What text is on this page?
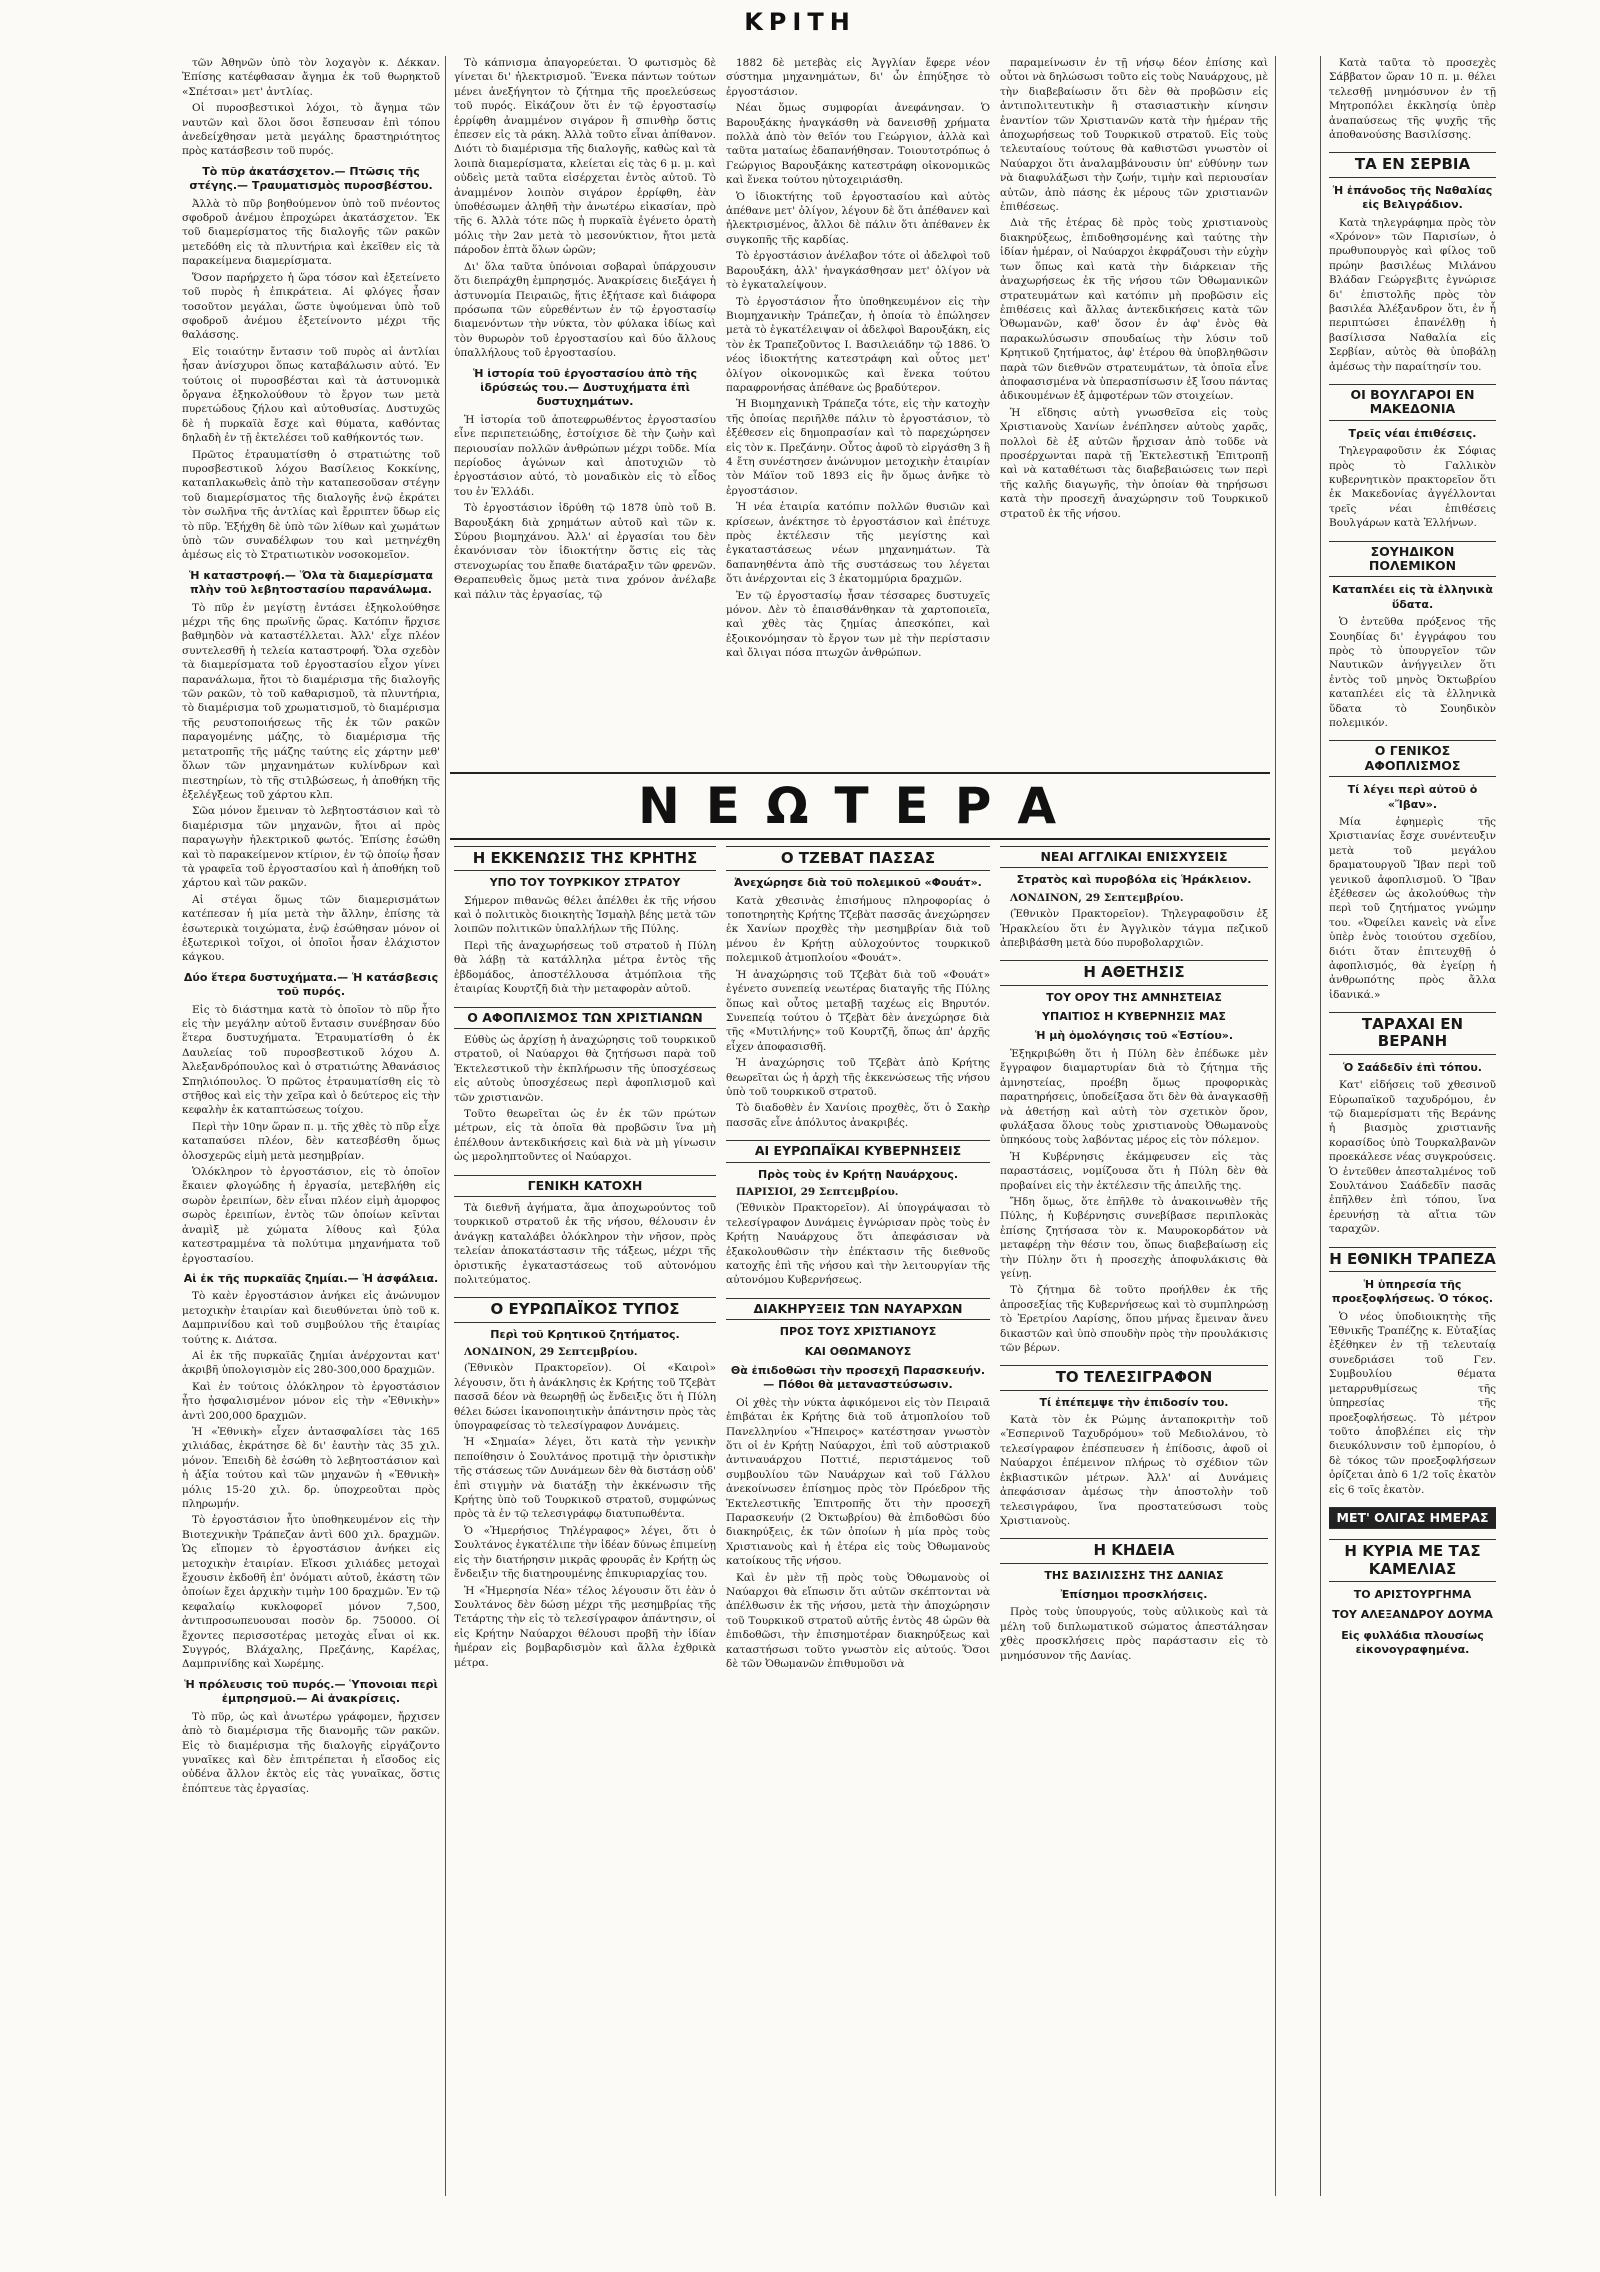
ΚΡΙΤΗ

τῶν Ἀθηνῶν ὑπὸ τὸν λοχαγὸν κ. Δέκκαν. Ἐπίσης κατέφθασαν ἄγημα ἐκ τοῦ θωρηκτοῦ «Σπέτσαι» μετ' ἀντλίας.

Οἱ πυροσβεστικοὶ λόχοι, τὸ ἄγημα τῶν ναυτῶν καὶ ὅλοι ὅσοι ἔσπευσαν ἐπὶ τόπου ἀνεδείχθησαν μετὰ μεγάλης δραστηριότητος πρὸς κατάσβεσιν τοῦ πυρός.

Τὸ πῦρ ἀκατάσχετον.— Πτῶσις τῆς στέγης.— Τραυματισμὸς πυροσβέστου.

Ἀλλὰ τὸ πῦρ βοηθούμενον ὑπὸ τοῦ πνέοντος σφοδροῦ ἀνέμου ἐπροχώρει ἀκατάσχετον. Ἐκ τοῦ διαμερίσματος τῆς διαλογῆς τῶν ρακῶν μετεδόθη εἰς τὰ πλυντήρια καὶ ἐκεῖθεν εἰς τὰ παρακείμενα διαμερίσματα.

Ὅσον παρήρχετο ἡ ὥρα τόσον καὶ ἐξετείνετο τοῦ πυρὸς ἡ ἐπικράτεια. Αἱ φλόγες ἦσαν τοσοῦτον μεγάλαι, ὥστε ὑψούμεναι ὑπὸ τοῦ σφοδροῦ ἀνέμου ἐξετείνοντο μέχρι τῆς θαλάσσης.

Εἰς τοιαύτην ἔντασιν τοῦ πυρὸς αἱ ἀντλίαι ἦσαν ἀνίσχυροι ὅπως καταβάλωσιν αὐτό. Ἐν τούτοις οἱ πυροσβέσται καὶ τὰ ἀστυνομικὰ ὄργανα ἐξηκολούθουν τὸ ἔργον των μετὰ πυρετώδους ζήλου καὶ αὐτοθυσίας. Δυστυχῶς δὲ ἡ πυρκαϊὰ ἔσχε καὶ θύματα, καθόντας δηλαδὴ ἐν τῇ ἐκτελέσει τοῦ καθήκοντός των.

Πρῶτος ἐτραυματίσθη ὁ στρατιώτης τοῦ πυροσβεστικοῦ λόχου Βασίλειος Κοκκίνης, καταπλακωθεὶς ἀπὸ τὴν καταπεσοῦσαν στέγην τοῦ διαμερίσματος τῆς διαλογῆς ἐνῷ ἐκράτει τὸν σωλῆνα τῆς ἀντλίας καὶ ἔρριπτεν ὕδωρ εἰς τὸ πῦρ. Ἐξήχθη δὲ ὑπὸ τῶν λίθων καὶ χωμάτων ὑπὸ τῶν συναδέλφων του καὶ μετηνέχθη ἀμέσως εἰς τὸ Στρατιωτικὸν νοσοκομεῖον.

Ἡ καταστροφή.— Ὅλα τὰ διαμερίσματα πλὴν τοῦ λεβητοστασίου παρανάλωμα.

Τὸ πῦρ ἐν μεγίστῃ ἐντάσει ἐξηκολούθησε μέχρι τῆς 6ης πρωϊνῆς ὥρας. Κατόπιν ἤρχισε βαθμηδὸν νὰ καταστέλλεται. Ἀλλ' εἶχε πλέον συντελεσθῆ ἡ τελεία καταστροφή. Ὅλα σχεδὸν τὰ διαμερίσματα τοῦ ἐργοστασίου εἶχον γίνει παρανάλωμα, ἤτοι τὸ διαμέρισμα τῆς διαλογῆς τῶν ρακῶν, τὸ τοῦ καθαρισμοῦ, τὰ πλυντήρια, τὸ διαμέρισμα τοῦ χρωματισμοῦ, τὸ διαμέρισμα τῆς ρευστοποιήσεως τῆς ἐκ τῶν ρακῶν παραγομένης μάζης, τὸ διαμέρισμα τῆς μετατροπῆς τῆς μάζης ταύτης εἰς χάρτην μεθ' ὅλων τῶν μηχανημάτων κυλίνδρων καὶ πιεστηρίων, τὸ τῆς στιλβώσεως, ἡ ἀποθήκη τῆς ἐξελέγξεως τοῦ χάρτου κλπ.

Σῶα μόνον ἔμειναν τὸ λεβητοστάσιον καὶ τὸ διαμέρισμα τῶν μηχανῶν, ἤτοι αἱ πρὸς παραγωγὴν ἠλεκτρικοῦ φωτός. Ἐπίσης ἐσώθη καὶ τὸ παρακείμενον κτίριον, ἐν τῷ ὁποίῳ ἦσαν τὰ γραφεῖα τοῦ ἐργοστασίου καὶ ἡ ἀποθήκη τοῦ χάρτου καὶ τῶν ρακῶν.

Αἱ στέγαι ὅμως τῶν διαμερισμάτων κατέπεσαν ἡ μία μετὰ τὴν ἄλλην, ἐπίσης τὰ ἐσωτερικὰ τοιχώματα, ἐνῷ ἐσώθησαν μόνον οἱ ἐξωτερικοὶ τοῖχοι, οἱ ὁποῖοι ἦσαν ἐλάχιστον κάγκου.

Δύο ἕτερα δυστυχήματα.— Ἡ κατάσβεσις τοῦ πυρός.

Εἰς τὸ διάστημα κατὰ τὸ ὁποῖον τὸ πῦρ ἦτο εἰς τὴν μεγάλην αὐτοῦ ἔντασιν συνέβησαν δύο ἕτερα δυστυχήματα. Ἐτραυματίσθη ὁ ἐκ Δαυλείας τοῦ πυροσβεστικοῦ λόχου Δ. Ἀλεξανδρόπουλος καὶ ὁ στρατιώτης Ἀθανάσιος Σπηλιόπουλος. Ὁ πρῶτος ἐτραυματίσθη εἰς τὸ στῆθος καὶ εἰς τὴν χεῖρα καὶ ὁ δεύτερος εἰς τὴν κεφαλὴν ἐκ καταπτώσεως τοίχου.

Περὶ τὴν 10ην ὥραν π. μ. τῆς χθὲς τὸ πῦρ εἶχε καταπαύσει πλέον, δὲν κατεσβέσθη ὅμως ὁλοσχερῶς εἰμὴ μετὰ μεσημβρίαν.

Ὁλόκληρον τὸ ἐργοστάσιον, εἰς τὸ ὁποῖον ἔκαιεν φλογώδης ἡ ἐργασία, μετεβλήθη εἰς σωρὸν ἐρειπίων, δὲν εἶναι πλέον εἰμὴ ἀμορφος σωρὸς ἐρειπίων, ἐντὸς τῶν ὁποίων κεῖνται ἀναμὶξ μὲ χώματα λίθους καὶ ξύλα κατεστραμμένα τὰ πολύτιμα μηχανήματα τοῦ ἐργοστασίου.

Αἱ ἐκ τῆς πυρκαϊᾶς ζημίαι.— Ἡ ἀσφάλεια.

Τὸ καὲν ἐργοστάσιον ἀνήκει εἰς ἀνώνυμον μετοχικὴν ἑταιρίαν καὶ διευθύνεται ὑπὸ τοῦ κ. Δαμπρινίδου καὶ τοῦ συμβούλου τῆς ἑταιρίας τούτης κ. Διάτσα.

Αἱ ἐκ τῆς πυρκαϊᾶς ζημίαι ἀνέρχονται κατ' ἀκριβῆ ὑπολογισμὸν εἰς 280-300,000 δραχμῶν.

Καὶ ἐν τούτοις ὁλόκληρον τὸ ἐργοστάσιον ἦτο ἠσφαλισμένον μόνον εἰς τὴν «Ἐθνικὴν» ἀντὶ 200,000 δραχμῶν.

Ἡ «Ἐθνικὴ» εἶχεν ἀντασφαλίσει τὰς 165 χιλιάδας, ἑκράτησε δὲ δι' ἑαυτὴν τὰς 35 χιλ. μόνον. Ἐπειδὴ δὲ ἐσώθη τὸ λεβητοστάσιον καὶ ἡ ἀξία τούτου καὶ τῶν μηχανῶν ἡ «Ἐθνικὴ» μόλις 15-20 χιλ. δρ. ὑποχρεοῦται πρὸς πληρωμήν.

Τὸ ἐργοστάσιον ἦτο ὑποθηκευμένον εἰς τὴν Βιοτεχνικὴν Τράπεζαν ἀντὶ 600 χιλ. δραχμῶν. Ὡς εἴπομεν τὸ ἐργοστάσιον ἀνήκει εἰς μετοχικὴν ἑταιρίαν. Εἴκοσι χιλιάδες μετοχαὶ ἔχουσιν ἐκδοθῆ ἐπ' ὀνόματι αὐτοῦ, ἑκάστη τῶν ὁποίων ἔχει ἀρχικὴν τιμὴν 100 δραχμῶν. Ἐν τῷ κεφαλαίῳ κυκλοφορεῖ μόνον 7,500, ἀντιπροσωπευουσαι ποσὸν δρ. 750000. Οἱ ἔχοντες περισσοτέρας μετοχὰς εἶναι οἱ κκ. Συγγρός, Βλάχαλης, Πρεζάνης, Καρέλας, Δαμπρινίδης καὶ Χωρέμης.

Ἡ πρόλευσις τοῦ πυρός.— Ὑπονοιαι περὶ ἐμπρησμοῦ.— Αἱ ἀνακρίσεις.

Τὸ πῦρ, ὡς καὶ ἀνωτέρω γράφομεν, ἤρχισεν ἀπὸ τὸ διαμέρισμα τῆς διανομῆς τῶν ρακῶν. Εἰς τὸ διαμέρισμα τῆς διαλογῆς εἰργάζοντο γυναῖκες καὶ δὲν ἐπιτρέπεται ἡ εἴσοδος εἰς οὐδένα ἄλλον ἐκτὸς εἰς τὰς γυναῖκας, ὅστις ἐπόπτευε τὰς ἐργασίας.

Τὸ κάπνισμα ἀπαγορεύεται. Ὁ φωτισμὸς δὲ γίνεται δι' ἠλεκτρισμοῦ. Ἕνεκα πάντων τούτων μένει ἀνεξήγητον τὸ ζήτημα τῆς προελεύσεως τοῦ πυρός. Εἰκάζουν ὅτι ἐν τῷ ἐργοστασίῳ ἐρρίφθη ἀναμμένον σιγάρον ἢ σπινθὴρ ὅστις ἐπεσεν εἰς τὰ ράκη. Ἀλλὰ τοῦτο εἶναι ἀπίθανον. Διότι τὸ διαμέρισμα τῆς διαλογῆς, καθὼς καὶ τὰ λοιπὰ διαμερίσματα, κλείεται εἰς τὰς 6 μ. μ. καὶ οὐδεὶς μετὰ ταῦτα εἰσέρχεται ἐντὸς αὐτοῦ. Τὸ ἀναμμένον λοιπὸν σιγάρον ἐρρίφθη, ἐὰν ὑποθέσωμεν ἀληθῆ τὴν ἀνωτέρω εἰκασίαν, πρὸ τῆς 6. Ἀλλὰ τότε πῶς ἡ πυρκαϊὰ ἐγένετο ὁρατὴ μόλις τὴν 2αν μετὰ τὸ μεσονύκτιον, ἤτοι μετὰ πάροδον ἑπτὰ ὅλων ὡρῶν;

Δι' ὅλα ταῦτα ὑπόνοιαι σοβαραὶ ὑπάρχουσιν ὅτι διεπράχθη ἐμπρησμός. Ἀνακρίσεις διεξάγει ἡ ἀστυνομία Πειραιῶς, ἥτις ἐξήτασε καὶ διάφορα πρόσωπα τῶν εὑρεθέντων ἐν τῷ ἐργοστασίῳ διαμενόντων τὴν νύκτα, τὸν φύλακα ἰδίως καὶ τὸν θυρωρὸν τοῦ ἐργοστασίου καὶ δύο ἄλλους ὑπαλλήλους τοῦ ἐργοστασίου.

Ἡ ἱστορία τοῦ ἐργοστασίου ἀπὸ τῆς ἱδρύσεώς του.— Δυστυχήματα ἐπὶ δυστυχημάτων.

Ἡ ἱστορία τοῦ ἀποτεφρωθέντος ἐργοστασίου εἶνε περιπετειώδης, ἐστοίχισε δὲ τὴν ζωὴν καὶ περιουσίαν πολλῶν ἀνθρώπων μέχρι τοῦδε. Μία περίοδος ἀγώνων καὶ ἀποτυχιῶν τὸ ἐργοστάσιον αὐτό, τὸ μοναδικὸν εἰς τὸ εἶδος του ἐν Ἑλλάδι.

Τὸ ἐργοστάσιον ἱδρύθη τῷ 1878 ὑπὸ τοῦ Β. Βαρουξάκη διὰ χρημάτων αὐτοῦ καὶ τῶν κ. Σύρου βιομηχάνου. Ἀλλ' αἱ ἐργασίαι του δὲν ἐκανόνισαν τὸν ἱδιοκτήτην ὅστις εἰς τὰς στενοχωρίας του ἔπαθε διατάραξιν τῶν φρενῶν. Θεραπευθεὶς ὅμως μετὰ τινα χρόνον ἀνέλαβε καὶ πάλιν τὰς ἐργασίας, τῷ

1882 δὲ μετεβὰς εἰς Ἀγγλίαν ἔφερε νέον σύστημα μηχανημάτων, δι' ὧν ἐπηύξησε τὸ ἐργοστάσιον.

Νέαι ὅμως συμφορίαι ἀνεφάνησαν. Ὁ Βαρουξάκης ἠναγκάσθη νὰ δανεισθῇ χρήματα πολλὰ ἀπὸ τὸν θεῖόν του Γεώργιον, ἀλλὰ καὶ ταῦτα ματαίως ἐδαπανήθησαν. Τοιουτοτρόπως ὁ Γεώργιος Βαρουξάκης κατεστράφη οἰκονομικῶς καὶ ἕνεκα τούτου ηὐτοχειριάσθη.

Ὁ ἰδιοκτήτης τοῦ ἐργοστασίου καὶ αὐτὸς ἀπέθανε μετ' ὀλίγον, λέγουν δὲ ὅτι ἀπέθανεν καὶ ἠλεκτρισμένος, ἄλλοι δὲ πάλιν ὅτι ἀπέθανεν ἐκ συγκοπῆς τῆς καρδίας.

Τὸ ἐργοστάσιον ἀνέλαβον τότε οἱ ἀδελφοὶ τοῦ Βαρουξάκη, ἀλλ' ἠναγκάσθησαν μετ' ὀλίγον νὰ τὸ ἐγκαταλείψουν.

Τὸ ἐργοστάσιον ἦτο ὑποθηκευμένον εἰς τὴν Βιομηχανικὴν Τράπεζαν, ἡ ὁποία τὸ ἐπώλησεν μετὰ τὸ ἐγκατέλειψαν οἱ ἀδελφοὶ Βαρουξάκη, εἰς τὸν ἐκ Τραπεζοῦντος Ι. Βασιλειάδην τῷ 1886. Ὁ νέος ἰδιοκτήτης κατεστράφη καὶ οὗτος μετ' ὀλίγον οἰκονομικῶς καὶ ἕνεκα τούτου παραφρονήσας ἀπέθανε ὡς βραδύτερον.

Ἡ Βιομηχανικὴ Τράπεζα τότε, εἰς τὴν κατοχὴν τῆς ὁποίας περιῆλθε πάλιν τὸ ἐργοστάσιον, τὸ ἐξέθεσεν εἰς δημοπρασίαν καὶ τὸ παρεχώρησεν εἰς τὸν κ. Πρεζάνην. Οὗτος ἀφοῦ τὸ εἰργάσθη 3 ἢ 4 ἔτη συνέστησεν ἀνώνυμον μετοχικὴν ἑταιρίαν τὸν Μάϊον τοῦ 1893 εἰς ἣν ὅμως ἀνῆκε τὸ ἐργοστάσιον.

Ἡ νέα ἑταιρία κατόπιν πολλῶν θυσιῶν καὶ κρίσεων, ἀνέκτησε τὸ ἐργοστάσιον καὶ ἐπέτυχε πρὸς ἐκτέλεσιν τῆς μεγίστης καὶ ἐγκαταστάσεως νέων μηχανημάτων. Τὰ δαπανηθέντα ἀπὸ τῆς συστάσεως του λέγεται ὅτι ἀνέρχονται εἰς 3 ἑκατομμύρια δραχμῶν.

Ἐν τῷ ἐργοστασίῳ ἦσαν τέσσαρες δυστυχεῖς μόνον. Δὲν τὸ ἐπαισθάνθηκαν τὰ χαρτοποιεῖα, καὶ χθὲς τὰς ζημίας ἀπεσκόπει, καὶ ἐξοικονόμησαν τὸ ἔργον των μὲ τὴν περίστασιν καὶ ὄλιγαι πόσα πτωχῶν ἀνθρώπων.

παραμείνωσιν ἐν τῇ νήσῳ δέον ἐπίσης καὶ οὗτοι νὰ δηλώσωσι τοῦτο εἰς τοὺς Ναυάρχους, μὲ τὴν διαβεβαίωσιν ὅτι δὲν θὰ προβῶσιν εἰς ἀντιπολιτευτικὴν ἢ στασιαστικὴν κίνησιν ἐναντίον τῶν Χριστιανῶν κατὰ τὴν ἡμέραν τῆς ἀποχωρήσεως τοῦ Τουρκικοῦ στρατοῦ. Εἰς τοὺς τελευταίους τούτους θὰ καθιστῶσι γνωστὸν οἱ Ναύαρχοι ὅτι ἀναλαμβάνουσιν ὑπ' εὐθύνην των νὰ διαφυλάξωσι τὴν ζωήν, τιμὴν καὶ περιουσίαν αὐτῶν, ἀπὸ πάσης ἐκ μέρους τῶν χριστιανῶν ἐπιθέσεως.

Διὰ τῆς ἑτέρας δὲ πρὸς τοὺς χριστιανοὺς διακηρύξεως, ἐπιδοθησομένης καὶ ταύτης τὴν ἰδίαν ἡμέραν, οἱ Ναύαρχοι ἐκφράζουσι τὴν εὐχὴν των ὅπως καὶ κατὰ τὴν διάρκειαν τῆς ἀναχωρήσεως ἐκ τῆς νήσου τῶν Ὀθωμανικῶν στρατευμάτων καὶ κατόπιν μὴ προβῶσιν εἰς ἐπιθέσεις καὶ ἄλλας ἀντεκδικήσεις κατὰ τῶν Ὀθωμανῶν, καθ' ὅσον ἐν ἀφ' ἑνὸς θὰ παρακωλύσωσιν σπουδαίως τὴν λύσιν τοῦ Κρητικοῦ ζητήματος, ἀφ' ἑτέρου θὰ ὑποβληθῶσιν παρὰ τῶν διεθνῶν στρατευμάτων, τὰ ὁποῖα εἶνε ἀποφασισμένα νὰ ὑπερασπίσωσιν ἐξ ἴσου πάντας ἀδικουμένων ἐξ ἀμφοτέρων τῶν στοιχείων.

Ἡ εἴδησις αὐτὴ γνωσθεῖσα εἰς τοὺς Χριστιανοὺς Χανίων ἐνέπλησεν αὐτοὺς χαρᾶς, πολλοὶ δὲ ἐξ αὐτῶν ἤρχισαν ἀπὸ τοῦδε νὰ προσέρχωνται παρὰ τῇ Ἐκτελεστικῇ Ἐπιτροπῇ καὶ νὰ καταθέτωσι τὰς διαβεβαιώσεις των περὶ τῆς καλῆς διαγωγῆς, τὴν ὁποίαν θὰ τηρήσωσι κατὰ τὴν προσεχῆ ἀναχώρησιν τοῦ Τουρκικοῦ στρατοῦ ἐκ τῆς νήσου.

Κατὰ ταῦτα τὸ προσεχὲς Σάββατον ὥραν 10 π. μ. θέλει τελεσθῇ μνημόσυνον ἐν τῇ Μητροπόλει ἐκκλησίᾳ ὑπὲρ ἀναπαύσεως τῆς ψυχῆς τῆς ἀποθανούσης Βασιλίσσης.

ΤΑ ΕΝ ΣΕΡΒΙΑ

Ἡ ἐπάνοδος τῆς Ναθαλίας εἰς Βελιγράδιον.

Κατὰ τηλεγράφημα πρὸς τὸν «Χρόνον» τῶν Παρισίων, ὁ πρωθυπουργὸς καὶ φίλος τοῦ πρώην βασιλέως Μιλάνου Βλάδαν Γεώργεβιτς ἐγνώρισε δι' ἐπιστολῆς πρὸς τὸν βασιλέα Ἀλέξανδρον ὅτι, ἐν ἧ περιπτώσει ἐπανέλθῃ ἡ βασίλισσα Ναθαλία εἰς Σερβίαν, αὐτὸς θὰ ὑποβάλῃ ἀμέσως τὴν παραίτησίν του.

ΟΙ ΒΟΥΛΓΑΡΟΙ ΕΝ ΜΑΚΕΔΟΝΙΑ

Τρεῖς νέαι ἐπιθέσεις.

Τηλεγραφοῦσιν ἐκ Σόφιας πρὸς τὸ Γαλλικὸν κυβερνητικὸν πρακτορεῖον ὅτι ἐκ Μακεδονίας ἀγγέλλονται τρεῖς νέαι ἐπιθέσεις Βουλγάρων κατὰ Ἑλλήνων.

ΣΟΥΗΔΙΚΟΝ ΠΟΛΕΜΙΚΟΝ

Καταπλέει εἰς τὰ ἑλληνικὰ ὕδατα.

Ὁ ἐντεῦθα πρόξενος τῆς Σουηδίας δι' ἐγγράφου του πρὸς τὸ ὑπουργεῖον τῶν Ναυτικῶν ἀνήγγειλεν ὅτι ἐντὸς τοῦ μηνὸς Ὀκτωβρίου καταπλέει εἰς τὰ ἑλληνικὰ ὕδατα τὸ Σουηδικὸν πολεμικόν.

Ο ΓΕΝΙΚΟΣ ΑΦΟΠΛΙΣΜΟΣ

Τί λέγει περὶ αὐτοῦ ὁ «Ἴβαν».

Μία ἐφημερὶς τῆς Χριστιανίας ἔσχε συνέντευξιν μετὰ τοῦ μεγάλου δραματουργοῦ Ἴβαν περὶ τοῦ γενικοῦ ἀφοπλισμοῦ. Ὁ Ἴβαν ἐξέθεσεν ὡς ἀκολούθως τὴν περὶ τοῦ ζητήματος γνώμην του. «Ὀφείλει κανεὶς νὰ εἶνε ὑπὲρ ἑνὸς τοιούτου σχεδίου, διότι ὅταν ἐπιτευχθῇ ὁ ἀφοπλισμός, θὰ ἐγείρῃ ἡ ἀνθρωπότης πρὸς ἄλλα ἰδανικά.»

ΤΑΡΑΧΑΙ ΕΝ ΒΕΡΑΝΗ

Ὁ Σαάδεδῖν ἐπὶ τόπου.

Κατ' εἰδήσεις τοῦ χθεσινοῦ Εὐρωπαϊκοῦ ταχυδρόμου, ἐν τῷ διαμερίσματι τῆς Βεράνης ἡ βιασμὸς χριστιανῆς κορασίδος ὑπὸ Τουρκαλβανῶν προεκάλεσε νέας συγκρούσεις. Ὁ ἐντεῦθεν ἀπεσταλμένος τοῦ Σουλτάνου Σαάδεδῖν πασᾶς ἐπῆλθεν ἐπὶ τόπου, ἵνα ἐρευνήσῃ τὰ αἴτια τῶν ταραχῶν.

Η ΕΘΝΙΚΗ ΤΡΑΠΕΖΑ

Ἡ ὑπηρεσία τῆς προεξοφλήσεως. Ὁ τόκος.

Ὁ νέος ὑποδιοικητὴς τῆς Ἐθνικῆς Τραπέζης κ. Εὐταξίας ἐξέθηκεν ἐν τῇ τελευταίᾳ συνεδριάσει τοῦ Γεν. Συμβουλίου θέματα μεταρρυθμίσεως τῆς ὑπηρεσίας τῆς προεξοφλήσεως. Τὸ μέτρον τοῦτο ἀποβλέπει εἰς τὴν διευκόλυνσιν τοῦ ἐμπορίου, ὁ δὲ τόκος τῶν προεξοφλήσεων ὁρίζεται ἀπὸ 6 1/2 τοῖς ἑκατὸν εἰς 6 τοῖς ἑκατὸν.

ΜΕΤ' ΟΛΙΓΑΣ ΗΜΕΡΑΣ
Η ΚΥΡΙΑ ΜΕ ΤΑΣ ΚΑΜΕΛΙΑΣ

ΤΟ ΑΡΙΣΤΟΥΡΓΗΜΑ

ΤΟΥ ΑΛΕΞΑΝΔΡΟΥ ΔΟΥΜΑ

Εἰς φυλλάδια πλουσίως εἰκονογραφημένα.

ΝΕΩΤΕΡΑ
Η ΕΚΚΕΝΩΣΙΣ ΤΗΣ ΚΡΗΤΗΣ

ΥΠΟ ΤΟΥ ΤΟΥΡΚΙΚΟΥ ΣΤΡΑΤΟΥ

Σήμερον πιθανῶς θέλει ἀπέλθει ἐκ τῆς νήσου καὶ ὁ πολιτικὸς διοικητὴς Ἰσμαὴλ βέης μετὰ τῶν λοιπῶν πολιτικῶν ὑπαλλήλων τῆς Πύλης.

Περὶ τῆς ἀναχωρήσεως τοῦ στρατοῦ ἡ Πύλη θὰ λάβῃ τὰ κατάλληλα μέτρα ἐντὸς τῆς ἑβδομάδος, ἀποστέλλουσα ἀτμόπλοια τῆς ἑταιρίας Κουρτζῆ διὰ τὴν μεταφορὰν αὐτοῦ.

Ο ΑΦΟΠΛΙΣΜΟΣ ΤΩΝ ΧΡΙΣΤΙΑΝΩΝ

Εὐθὺς ὡς ἀρχίσῃ ἡ ἀναχώρησις τοῦ τουρκικοῦ στρατοῦ, οἱ Ναύαρχοι θὰ ζητήσωσι παρὰ τοῦ Ἐκτελεστικοῦ τὴν ἐκπλήρωσιν τῆς ὑποσχέσεως εἰς αὐτοὺς ὑποσχέσεως περὶ ἀφοπλισμοῦ καὶ τῶν χριστιανῶν.

Τοῦτο θεωρεῖται ὡς ἐν ἐκ τῶν πρώτων μέτρων, εἰς τὰ ὁποῖα θὰ προβῶσιν ἵνα μὴ ἐπέλθουν ἀντεκδικήσεις καὶ διὰ νὰ μὴ γίνωσιν ὡς μεροληπτοῦντες οἱ Ναύαρχοι.

ΓΕΝΙΚΗ ΚΑΤΟΧΗ

Τὰ διεθνῆ ἀγήματα, ἅμα ἀποχωρούντος τοῦ τουρκικοῦ στρατοῦ ἐκ τῆς νήσου, θέλουσιν ἐν ἀνάγκῃ καταλάβει ὁλόκληρον τὴν νῆσον, πρὸς τελείαν ἀποκατάστασιν τῆς τάξεως, μέχρι τῆς ὁριστικῆς ἐγκαταστάσεως τοῦ αὐτονόμου πολιτεύματος.

Ο ΕΥΡΩΠΑΪΚΟΣ ΤΥΠΟΣ

Περὶ τοῦ Κρητικοῦ ζητήματος.

ΛΟΝΔΙΝΟΝ, 29 Σεπτεμβρίου.

(Ἐθνικὸν Πρακτορεῖον). Οἱ «Καιροὶ» λέγουσιν, ὅτι ἡ ἀνάκλησις ἐκ Κρήτης τοῦ Τζεβὰτ πασσᾶ δέον νὰ θεωρηθῇ ὡς ἔνδειξις ὅτι ἡ Πύλη θέλει δώσει ἱκανοποιητικὴν ἀπάντησιν πρὸς τὰς ὑπογραφείσας τὸ τελεσίγραφον Δυνάμεις.

Ἡ «Σημαία» λέγει, ὅτι κατὰ τὴν γενικὴν πεποίθησιν ὁ Σουλτάνος προτιμᾷ τὴν ὁριστικὴν τῆς στάσεως τῶν Δυνάμεων δὲν θὰ διστάσῃ οὐδ' ἐπὶ στιγμὴν νὰ διατάξῃ τὴν ἐκκένωσιν τῆς Κρήτης ὑπὸ τοῦ Τουρκικοῦ στρατοῦ, συμφώνως πρὸς τὰ ἐν τῷ τελεσιγράφῳ διατυπωθέντα.

Ὁ «Ἡμερήσιος Τηλέγραφος» λέγει, ὅτι ὁ Σουλτάνος ἐγκατέλιπε τὴν ἰδέαν δύνως ἐπιμείνῃ εἰς τὴν διατήρησιν μικρᾶς φρουρᾶς ἐν Κρήτῃ ὡς ἔνδειξιν τῆς διατηρουμένης ἐπικυριαρχίας του.

Ἡ «Ἡμερησία Νέα» τέλος λέγουσιν ὅτι ἐὰν ὁ Σουλτάνος δὲν δώσῃ μέχρι τῆς μεσημβρίας τῆς Τετάρτης τὴν εἰς τὸ τελεσίγραφον ἀπάντησιν, οἱ εἰς Κρήτην Ναύαρχοι θέλουσι προβῆ τὴν ἰδίαν ἡμέραν εἰς βομβαρδισμὸν καὶ ἄλλα ἐχθρικὰ μέτρα.

Ο ΤΖΕΒΑΤ ΠΑΣΣΑΣ

Ἀνεχώρησε διὰ τοῦ πολεμικοῦ «Φουάτ».

Κατὰ χθεσινὰς ἐπισήμους πληροφορίας ὁ τοποτηρητὴς Κρήτης Τζεβὰτ πασσᾶς ἀνεχώρησεν ἐκ Χανίων προχθὲς τὴν μεσημβρίαν διὰ τοῦ μένου ἐν Κρήτῃ αὐλοχούντος τουρκικοῦ πολεμικοῦ ἀτμοπλοίου «Φουάτ».

Ἡ ἀναχώρησις τοῦ Τζεβὰτ διὰ τοῦ «Φουάτ» ἐγένετο συνεπείᾳ νεωτέρας διαταγῆς τῆς Πύλης ὅπως καὶ οὗτος μεταβῇ ταχέως εἰς Βηρυτόν. Συνεπείᾳ τούτου ὁ Τζεβὰτ δὲν ἀνεχώρησε διὰ τῆς «Μυτιλήνης» τοῦ Κουρτζῆ, ὅπως ἀπ' ἀρχῆς εἶχεν ἀποφασισθῆ.

Ἡ ἀναχώρησις τοῦ Τζεβὰτ ἀπὸ Κρήτης θεωρεῖται ὡς ἡ ἀρχὴ τῆς ἐκκενώσεως τῆς νήσου ὑπὸ τοῦ τουρκικοῦ στρατοῦ.

Τὸ διαδοθὲν ἐν Χανίοις προχθὲς, ὅτι ὁ Σακὴρ πασσᾶς εἶνε ἀπόλυτος ἀνακριβές.

ΑΙ ΕΥΡΩΠΑΪΚΑΙ ΚΥΒΕΡΝΗΣΕΙΣ

Πρὸς τοὺς ἐν Κρήτῃ Ναυάρχους.

ΠΑΡΙΣΙΟΙ, 29 Σεπτεμβρίου.

(Ἐθνικὸν Πρακτορεῖον). Αἱ ὑπογράψασαι τὸ τελεσίγραφον Δυνάμεις ἐγνώρισαν πρὸς τοὺς ἐν Κρήτῃ Ναυάρχους ὅτι ἀπεφάσισαν νὰ ἐξακολουθῶσιν τὴν ἐπέκτασιν τῆς διεθνοῦς κατοχῆς ἐπὶ τῆς νήσου καὶ τὴν λειτουργίαν τῆς αὐτονόμου Κυβερνήσεως.

ΔΙΑΚΗΡΥΞΕΙΣ ΤΩΝ ΝΑΥΑΡΧΩΝ

ΠΡΟΣ ΤΟΥΣ ΧΡΙΣΤΙΑΝΟΥΣ

ΚΑΙ ΟΘΩΜΑΝΟΥΣ

Θὰ ἐπιδοθῶσι τὴν προσεχῆ Παρασκευήν.— Πόθοι θὰ μεταναστεύσωσιν.

Οἱ χθὲς τὴν νύκτα ἀφικόμενοι εἰς τὸν Πειραιᾶ ἐπιβάται ἐκ Κρήτης διὰ τοῦ ἀτμοπλοίου τοῦ Πανελληνίου «Ἤπειρος» κατέστησαν γνωστὸν ὅτι οἱ ἐν Κρήτῃ Ναύαρχοι, ἐπὶ τοῦ αὐστριακοῦ ἀντιναυάρχου Ποττιέ, περιστάμενος τοῦ συμβουλίου τῶν Ναυάρχων καὶ τοῦ Γάλλου ἀνεκοίνωσεν ἐπίσημος πρὸς τὸν Πρόεδρον τῆς Ἐκτελεστικῆς Ἐπιτροπῆς ὅτι τὴν προσεχῆ Παρασκευήν (2 Ὀκτωβρίου) θὰ ἐπιδοθῶσι δύο διακηρύξεις, ἐκ τῶν ὁποίων ἡ μία πρὸς τοὺς Χριστιανοὺς καὶ ἡ ἑτέρα εἰς τοὺς Ὀθωμανοὺς κατοίκους τῆς νήσου.

Καὶ ἐν μὲν τῇ πρὸς τοὺς Ὀθωμανοὺς οἱ Ναύαρχοι θὰ εἴπωσιν ὅτι αὐτῶν σκέπτονται νὰ ἀπέλθωσιν ἐκ τῆς νήσου, μετὰ τὴν ἀποχώρησιν τοῦ Τουρκικοῦ στρατοῦ αὐτῆς ἐντὸς 48 ὡρῶν θὰ ἐπιδοθῶσι, τὴν ἐπισημοτέραν διακηρύξεως καὶ καταστήσωσι τοῦτο γνωστὸν εἰς αὐτούς. Ὅσοι δὲ τῶν Ὀθωμανῶν ἐπιθυμοῦσι νὰ

ΝΕΑΙ ΑΓΓΛΙΚΑΙ ΕΝΙΣΧΥΣΕΙΣ

Στρατὸς καὶ πυροβόλα εἰς Ἡράκλειον.

ΛΟΝΔΙΝΟΝ, 29 Σεπτεμβρίου.

(Ἐθνικὸν Πρακτορεῖον). Τηλεγραφοῦσιν ἐξ Ἡρακλείου ὅτι ἐν Ἀγγλικὸν τάγμα πεζικοῦ ἀπεβιβάσθη μετὰ δύο πυροβολαρχιῶν.

Η ΑΘΕΤΗΣΙΣ

ΤΟΥ ΟΡΟΥ ΤΗΣ ΑΜΝΗΣΤΕΙΑΣ

ΥΠΑΙΤΙΟΣ Η ΚΥΒΕΡΝΗΣΙΣ ΜΑΣ

Ἡ μὴ ὁμολόγησις τοῦ «Ἑστίου».

Ἐξηκριβώθη ὅτι ἡ Πύλη δὲν ἐπέδωκε μὲν ἔγγραφον διαμαρτυρίαν διὰ τὸ ζήτημα τῆς ἀμνηστείας, προέβη ὅμως προφορικὰς παρατηρήσεις, ὑποδείξασα ὅτι δὲν θὰ ἀναγκασθῇ νὰ ἀθετήσῃ καὶ αὐτὴ τὸν σχετικὸν ὅρον, φυλάξασα ὅλους τοὺς χριστιανοὺς Ὀθωμανοὺς ὑπηκόους τοὺς λαβόντας μέρος εἰς τὸν πόλεμον.

Ἡ Κυβέρνησις ἐκάμφευσεν εἰς τὰς παραστάσεις, νομίζουσα ὅτι ἡ Πύλη δὲν θὰ προβαίνει εἰς τὴν ἐκτέλεσιν τῆς ἀπειλῆς της.

Ἤδη ὅμως, ὅτε ἐπῆλθε τὸ ἀνακοινωθὲν τῆς Πύλης, ἡ Κυβέρνησις συνεβίβασε περιπλοκὰς ἐπίσης ζητήσασα τὸν κ. Μαυροκορδάτον νὰ μεταφέρῃ τὴν θέσιν του, ὅπως διαβεβαίωσῃ εἰς τὴν Πύλην ὅτι ἡ προσεχὴς ἀποφυλάκισις θὰ γείνῃ.

Τὸ ζήτημα δὲ τοῦτο προήλθεν ἐκ τῆς ἀπροσεξίας τῆς Κυβερνήσεως καὶ τὸ συμπληρώσῃ τὸ Ἐρετρίου Λαρίσης, ὅπου μήνας ἔμειναν ἄνευ δικαστῶν καὶ ὑπὸ σπουδὴν πρὸς τὴν προυλάκισις τῶν βέρων.

ΤΟ ΤΕΛΕΣΙΓΡΑΦΟΝ

Τί ἐπέπεμψε τὴν ἐπιδοσίν του.

Κατὰ τὸν ἐκ Ρώμης ἀνταποκριτὴν τοῦ «Ἐσπερινοῦ Ταχυδρόμου» τοῦ Μεδιολάνου, τὸ τελεσίγραφον ἐπέσπευσεν ἡ ἐπίδοσις, ἀφοῦ οἱ Ναύαρχοι ἐπέμεινον πλήρως τὸ σχέδιον τῶν ἐκβιαστικῶν μέτρων. Ἀλλ' αἱ Δυνάμεις ἀπεφάσισαν ἀμέσως τὴν ἀποστολὴν τοῦ τελεσιγράφου, ἵνα προστατεύσωσι τοὺς Χριστιανοὺς.

Η ΚΗΔΕΙΑ

ΤΗΣ ΒΑΣΙΛΙΣΣΗΣ ΤΗΣ ΔΑΝΙΑΣ

Ἐπίσημοι προσκλήσεις.

Πρὸς τοὺς ὑπουργούς, τοὺς αὐλικοὺς καὶ τὰ μέλη τοῦ διπλωματικοῦ σώματος ἀπεστάλησαν χθὲς προσκλήσεις πρὸς παράστασιν εἰς τὸ μνημόσυνον τῆς Δανίας.
